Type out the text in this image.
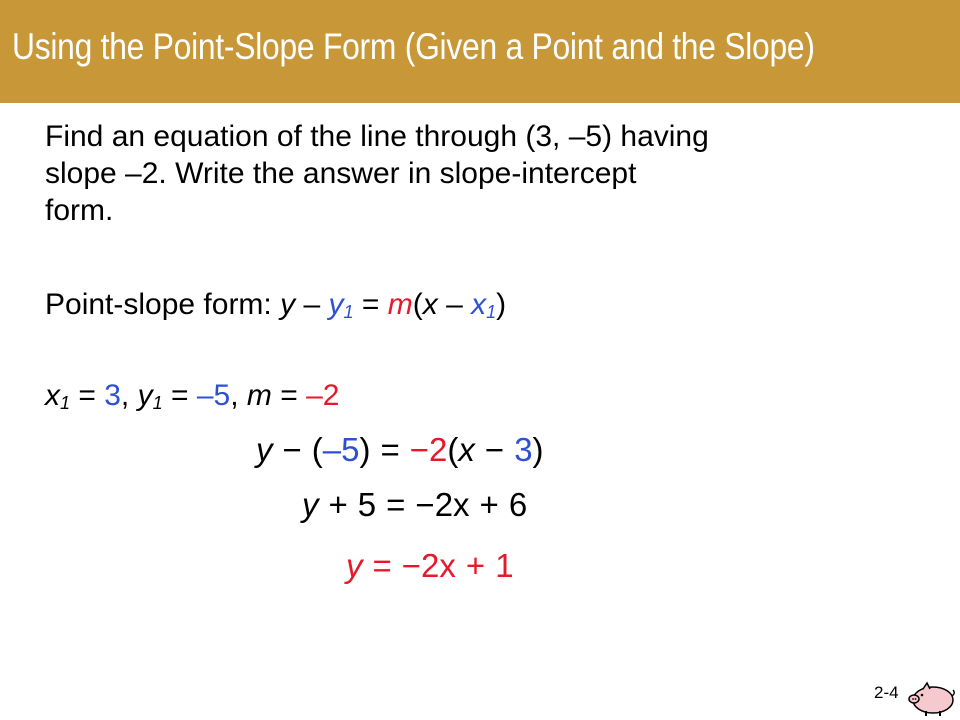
Using the Point-Slope Form (Given a Point and the Slope)
Find an equation of the line through (3, –5) having
slope –2. Write the answer in slope-intercept
form.
Point-slope form: $y - y_1 = m(x - x_1)$
$x_1 = 3$, $y_1 = -5$, m = –2
y − (–5) = −2(x − 3)
y + 5 = −2x + 6
y = −2x + 1
2-4
